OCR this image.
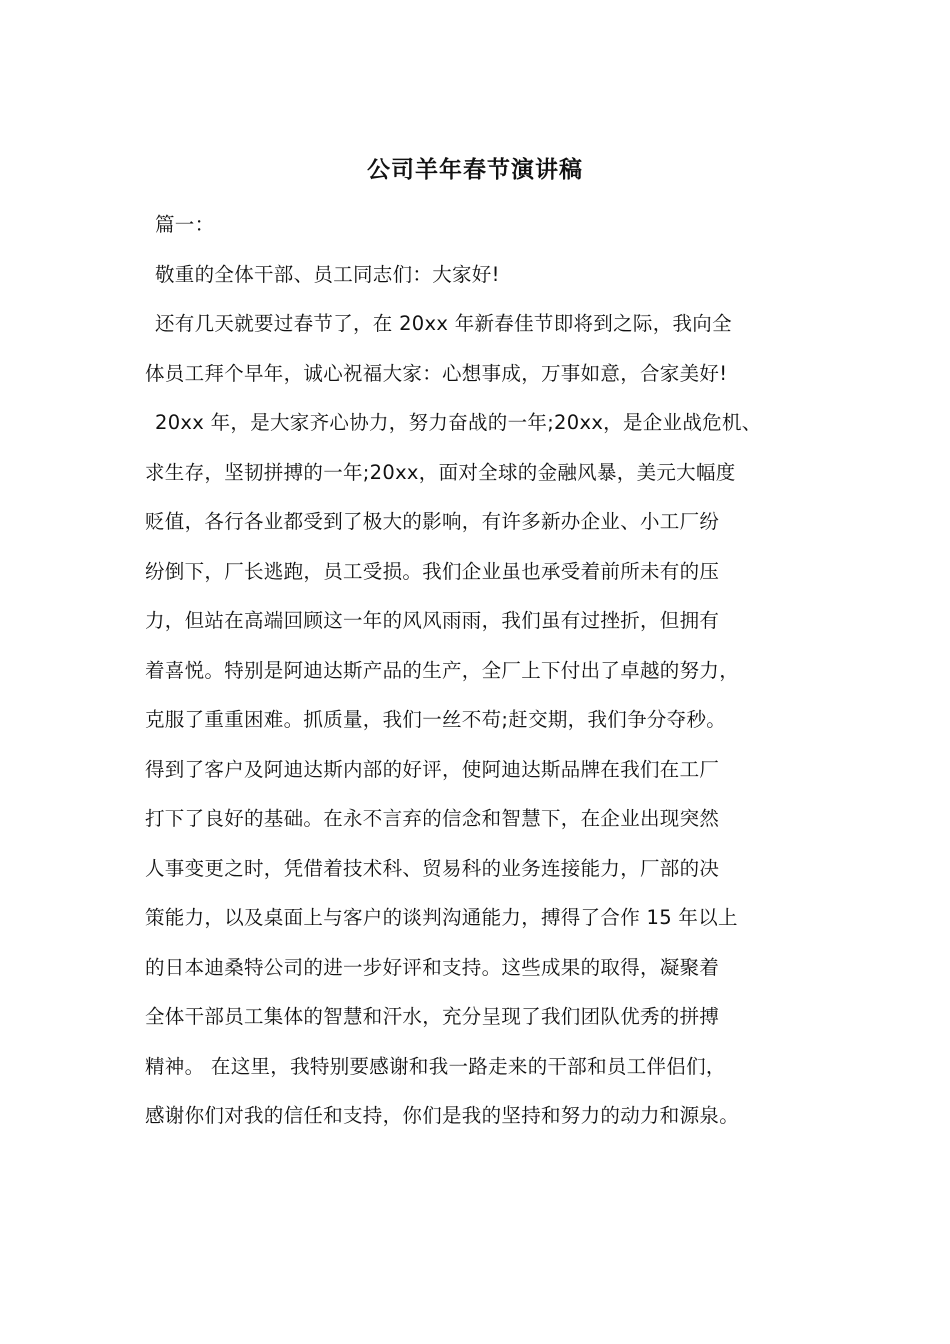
公司羊年春节演讲稿
篇一：
敬重的全体干部、员工同志们：大家好!
还有几天就要过春节了，在 20xx 年新春佳节即将到之际，我向全
体员工拜个早年，诚心祝福大家：心想事成，万事如意，合家美好!
20xx 年，是大家齐心协力，努力奋战的一年;20xx，是企业战危机、
求生存，坚韧拼搏的一年;20xx，面对全球的金融风暴，美元大幅度
贬值，各行各业都受到了极大的影响，有许多新办企业、小工厂纷
纷倒下，厂长逃跑，员工受损。我们企业虽也承受着前所未有的压
力，但站在高端回顾这一年的风风雨雨，我们虽有过挫折，但拥有
着喜悦。特别是阿迪达斯产品的生产，全厂上下付出了卓越的努力，
克服了重重困难。抓质量，我们一丝不苟;赶交期，我们争分夺秒。
得到了客户及阿迪达斯内部的好评，使阿迪达斯品牌在我们在工厂
打下了良好的基础。在永不言弃的信念和智慧下，在企业出现突然
人事变更之时，凭借着技术科、贸易科的业务连接能力，厂部的决
策能力，以及桌面上与客户的谈判沟通能力，搏得了合作 15 年以上
的日本迪桑特公司的进一步好评和支持。这些成果的取得，凝聚着
全体干部员工集体的智慧和汗水，充分呈现了我们团队优秀的拼搏
精神。 在这里，我特别要感谢和我一路走来的干部和员工伴侣们，
感谢你们对我的信任和支持，你们是我的坚持和努力的动力和源泉。
